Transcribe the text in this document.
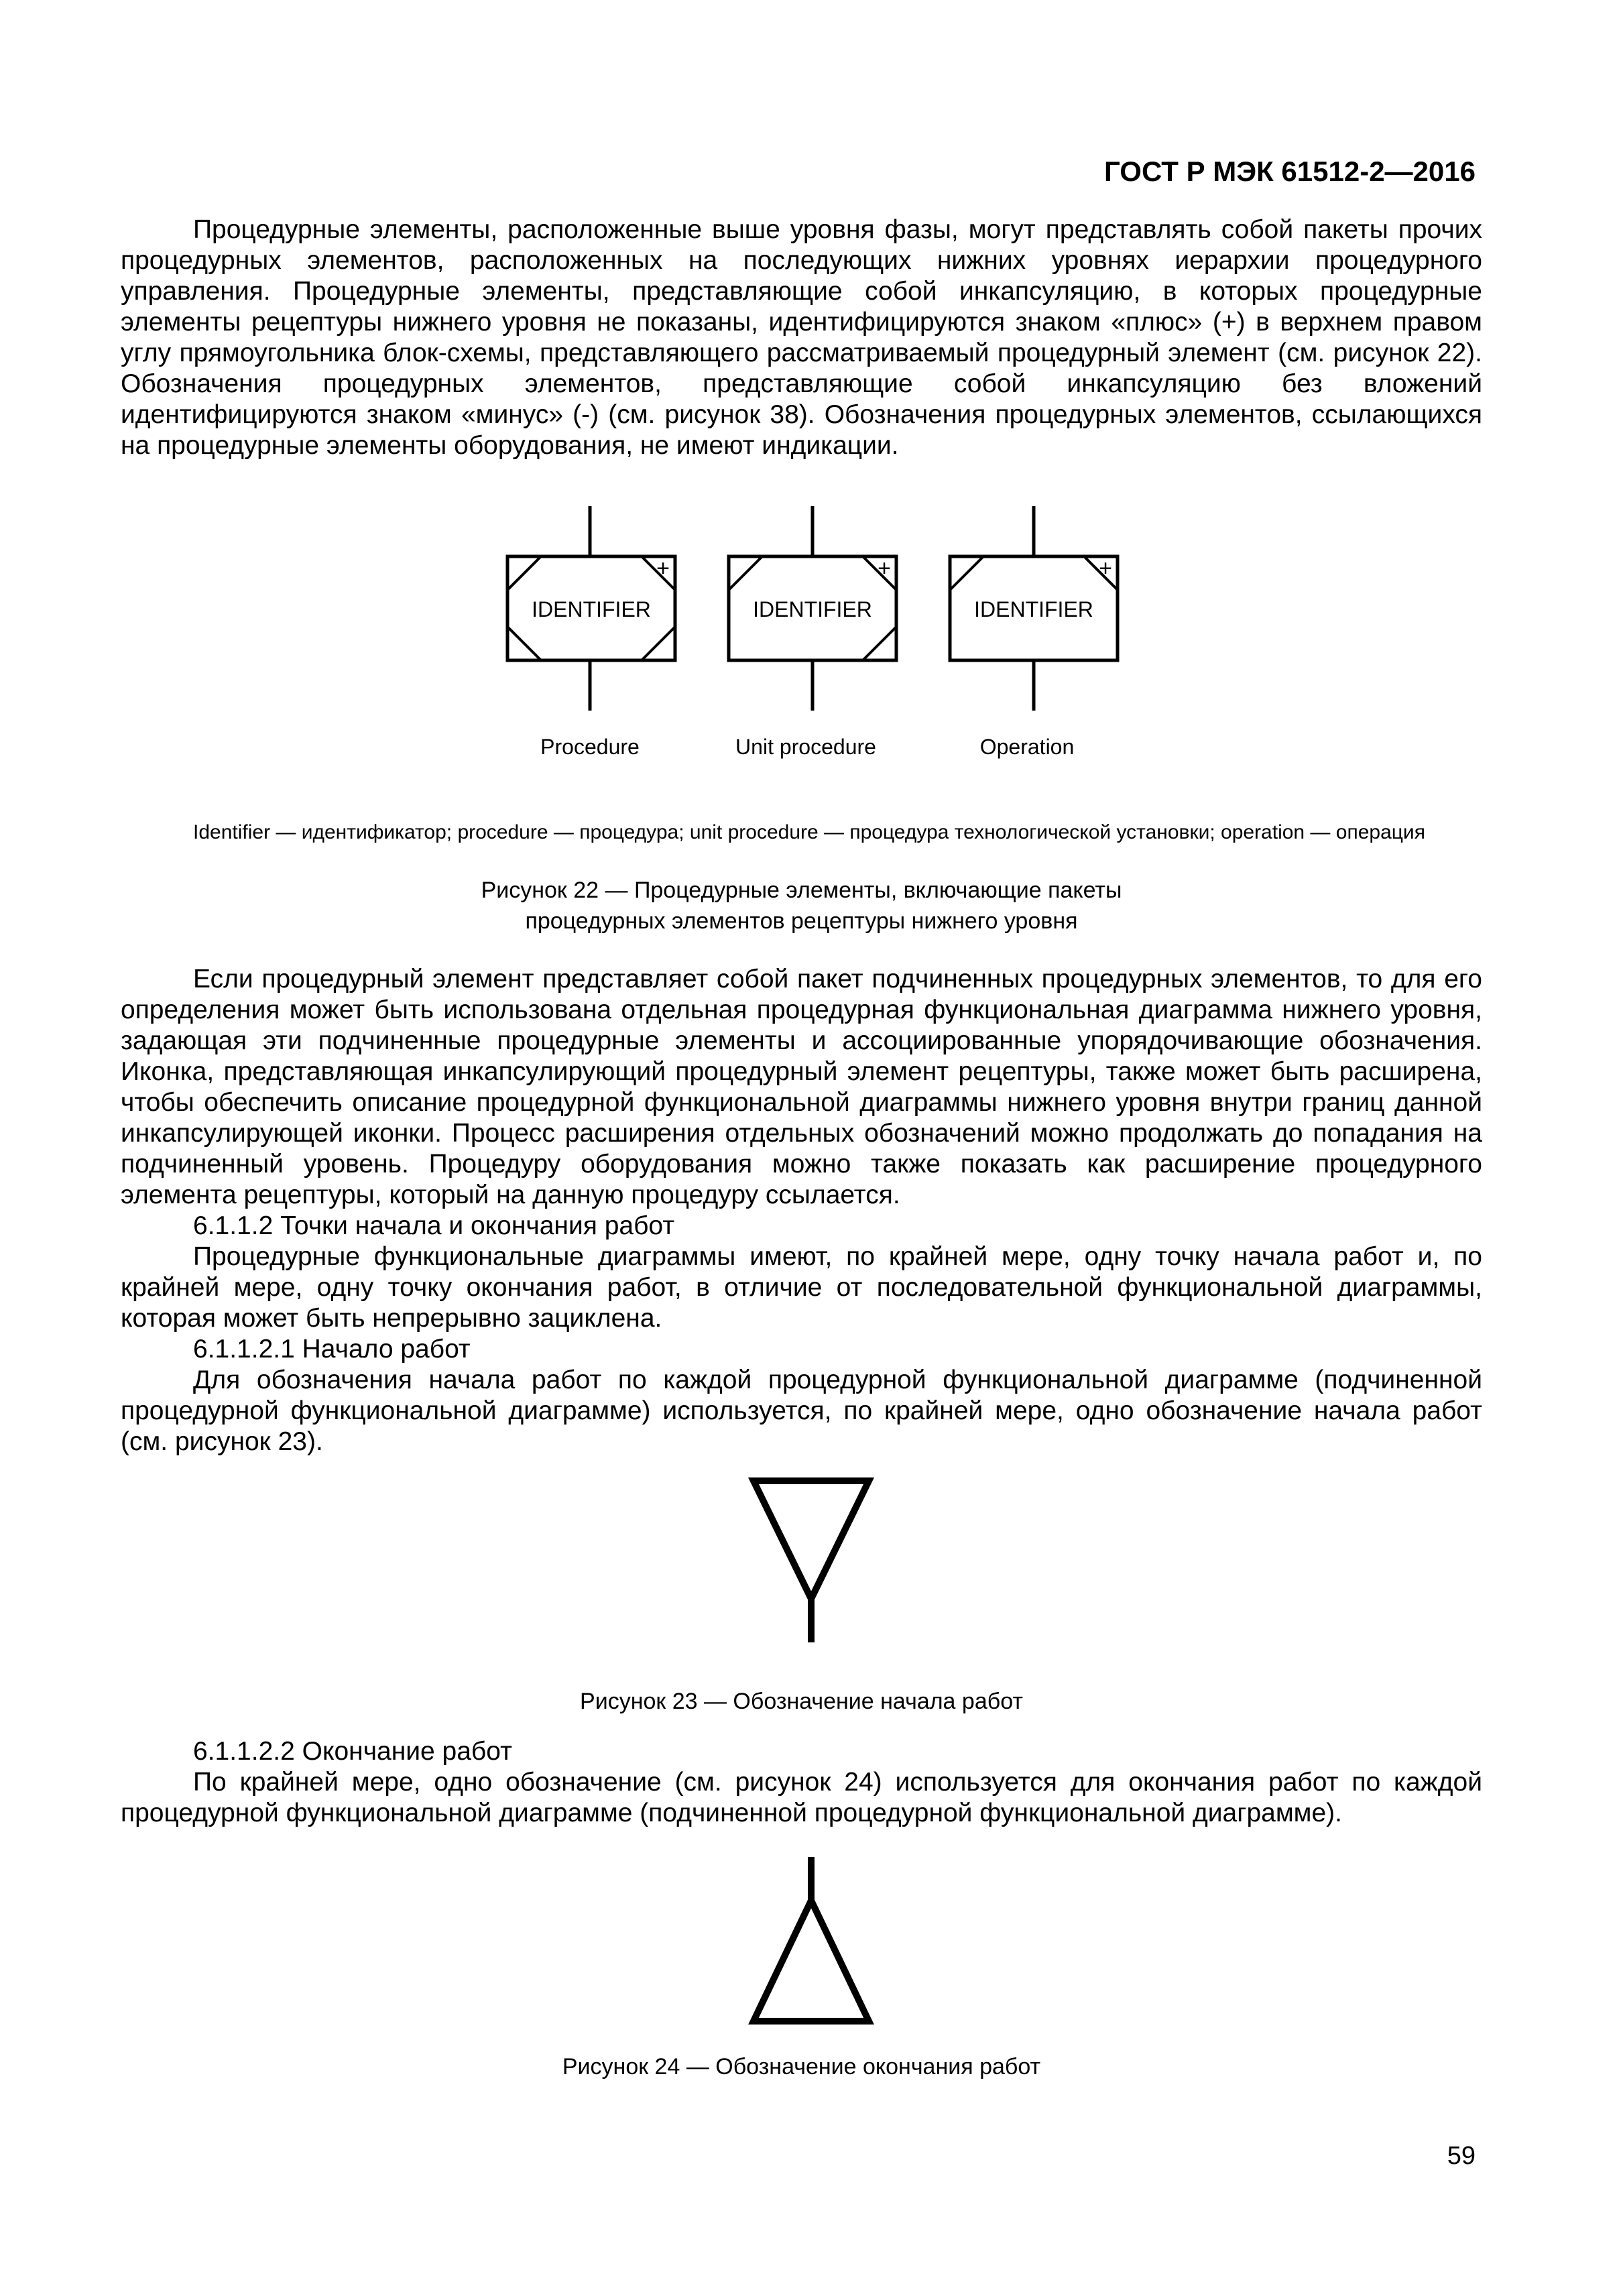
ГОСТ Р МЭК 61512-2—2016

Процедурные элементы, расположенные выше уровня фазы, могут представлять собой пакеты прочих процедурных элементов, расположенных на последующих нижних уровнях иерархии процедурного управления. Процедурные элементы, представляющие собой инкапсуляцию, в которых процедурные элементы рецептуры нижнего уровня не показаны, идентифицируются знаком «плюс» (+) в верхнем правом углу прямоугольника блок-схемы, представляющего рассматриваемый процедурный элемент (см. рисунок 22). Обозначения процедурных элементов, представляющие собой инкапсуляцию без вложений идентифицируются знаком «минус» (-) (см. рисунок 38). Обозначения процедурных элементов, ссылающихся на процедурные элементы оборудования, не имеют индикации.

+
IDENTIFIER
Procedure
+
IDENTIFIER
Unit procedure
+
IDENTIFIER
Operation

Identifier — идентификатор; procedure — процедура; unit procedure — процедура технологической установки; operation — операция

Рисунок 22 — Процедурные элементы, включающие пакеты

процедурных элементов рецептуры нижнего уровня

Если процедурный элемент представляет собой пакет подчиненных процедурных элементов, то для его определения может быть использована отдельная процедурная функциональная диаграмма нижнего уровня, задающая эти подчиненные процедурные элементы и ассоциированные упорядочивающие обозначения. Иконка, представляющая инкапсулирующий процедурный элемент рецептуры, также может быть расширена, чтобы обеспечить описание процедурной функциональной диаграммы нижнего уровня внутри границ данной инкапсулирующей иконки. Процесс расширения отдельных обозначений можно продолжать до попадания на подчиненный уровень. Процедуру оборудования можно также показать как расширение процедурного элемента рецептуры, который на данную процедуру ссылается.

6.1.1.2 Точки начала и окончания работ

Процедурные функциональные диаграммы имеют, по крайней мере, одну точку начала работ и, по крайней мере, одну точку окончания работ, в отличие от последовательной функциональной диаграммы, которая может быть непрерывно зациклена.

6.1.1.2.1 Начало работ

Для обозначения начала работ по каждой процедурной функциональной диаграмме (подчиненной процедурной функциональной диаграмме) используется, по крайней мере, одно обозначение начала работ (см. рисунок 23).

Рисунок 23 — Обозначение начала работ

6.1.1.2.2 Окончание работ

По крайней мере, одно обозначение (см. рисунок 24) используется для окончания работ по каждой процедурной функциональной диаграмме (подчиненной процедурной функциональной диаграмме).

Рисунок 24 — Обозначение окончания работ

59
